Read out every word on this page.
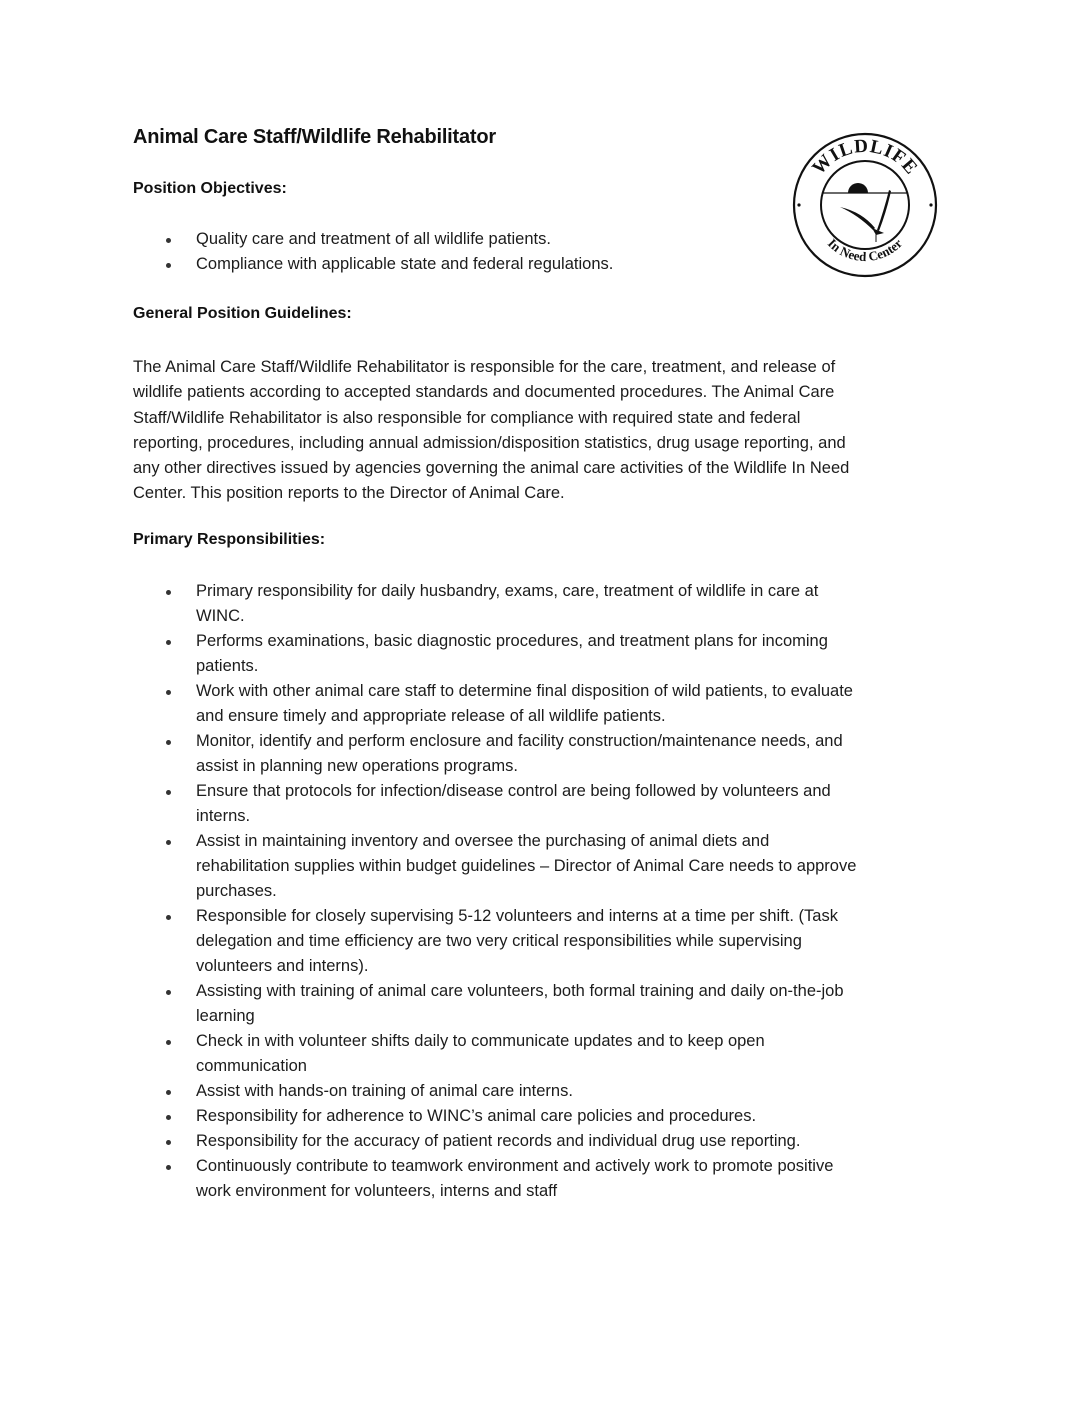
Animal Care Staff/Wildlife Rehabilitator
WILDLIFE
In Need Center
Position Objectives:
Quality care and treatment of all wildlife patients.
Compliance with applicable state and federal regulations.
General Position Guidelines:
The Animal Care Staff/Wildlife Rehabilitator is responsible for the care, treatment, and release of
wildlife patients according to accepted standards and documented procedures. The Animal Care
Staff/Wildlife Rehabilitator is also responsible for compliance with required state and federal
reporting, procedures, including annual admission/disposition statistics, drug usage reporting, and
any other directives issued by agencies governing the animal care activities of the Wildlife In Need
Center. This position reports to the Director of Animal Care.
Primary Responsibilities:
Primary responsibility for daily husbandry, exams, care, treatment of wildlife in care at
WINC.
Performs examinations, basic diagnostic procedures, and treatment plans for incoming
patients.
Work with other animal care staff to determine final disposition of wild patients, to evaluate
and ensure timely and appropriate release of all wildlife patients.
Monitor, identify and perform enclosure and facility construction/maintenance needs, and
assist in planning new operations programs.
Ensure that protocols for infection/disease control are being followed by volunteers and
interns.
Assist in maintaining inventory and oversee the purchasing of animal diets and
rehabilitation supplies within budget guidelines – Director of Animal Care needs to approve
purchases.
Responsible for closely supervising 5-12 volunteers and interns at a time per shift. (Task
delegation and time efficiency are two very critical responsibilities while supervising
volunteers and interns).
Assisting with training of animal care volunteers, both formal training and daily on-the-job
learning
Check in with volunteer shifts daily to communicate updates and to keep open
communication
Assist with hands-on training of animal care interns.
Responsibility for adherence to WINC’s animal care policies and procedures.
Responsibility for the accuracy of patient records and individual drug use reporting.
Continuously contribute to teamwork environment and actively work to promote positive
work environment for volunteers, interns and staff
